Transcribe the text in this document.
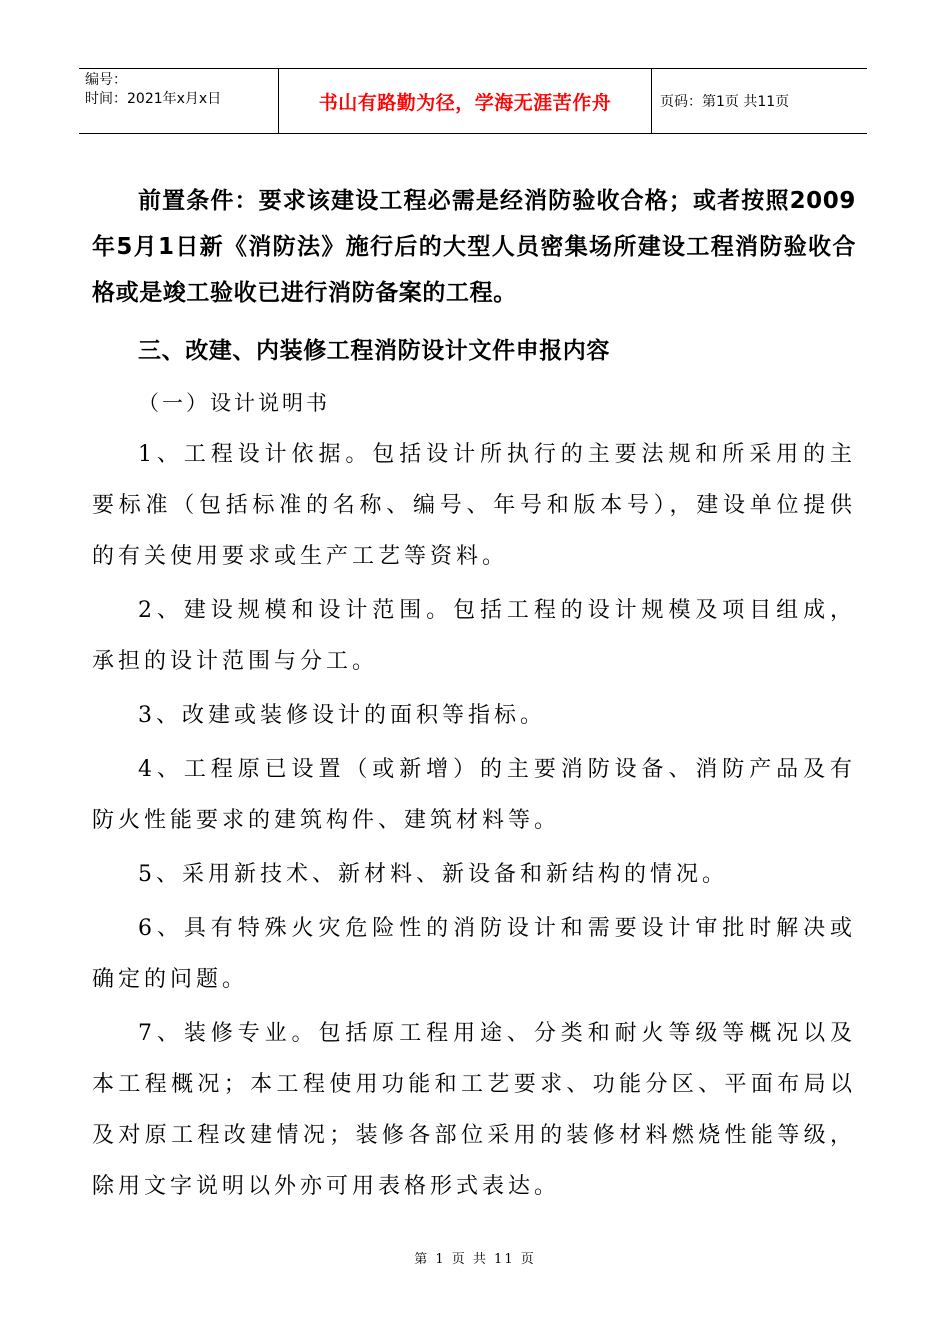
编号：
时间：2021年x月x日	书山有路勤为径，学海无涯苦作舟	页码：第1页 共11页

前置条件：要求该建设工程必需是经消防验收合格；或者按照2009年5月1日新《消防法》施行后的大型人员密集场所建设工程消防验收合格或是竣工验收已进行消防备案的工程。

三、改建、内装修工程消防设计文件申报内容

（一）设计说明书

1、工程设计依据。包括设计所执行的主要法规和所采用的主要标准（包括标准的名称、编号、年号和版本号），建设单位提供的有关使用要求或生产工艺等资料。

2、建设规模和设计范围。包括工程的设计规模及项目组成，承担的设计范围与分工。

3、改建或装修设计的面积等指标。

4、工程原已设置（或新增）的主要消防设备、消防产品及有防火性能要求的建筑构件、建筑材料等。

5、采用新技术、新材料、新设备和新结构的情况。

6、具有特殊火灾危险性的消防设计和需要设计审批时解决或确定的问题。

7、装修专业。包括原工程用途、分类和耐火等级等概况以及本工程概况；本工程使用功能和工艺要求、功能分区、平面布局以及对原工程改建情况；装修各部位采用的装修材料燃烧性能等级，除用文字说明以外亦可用表格形式表达。

第 1 页 共 11 页
